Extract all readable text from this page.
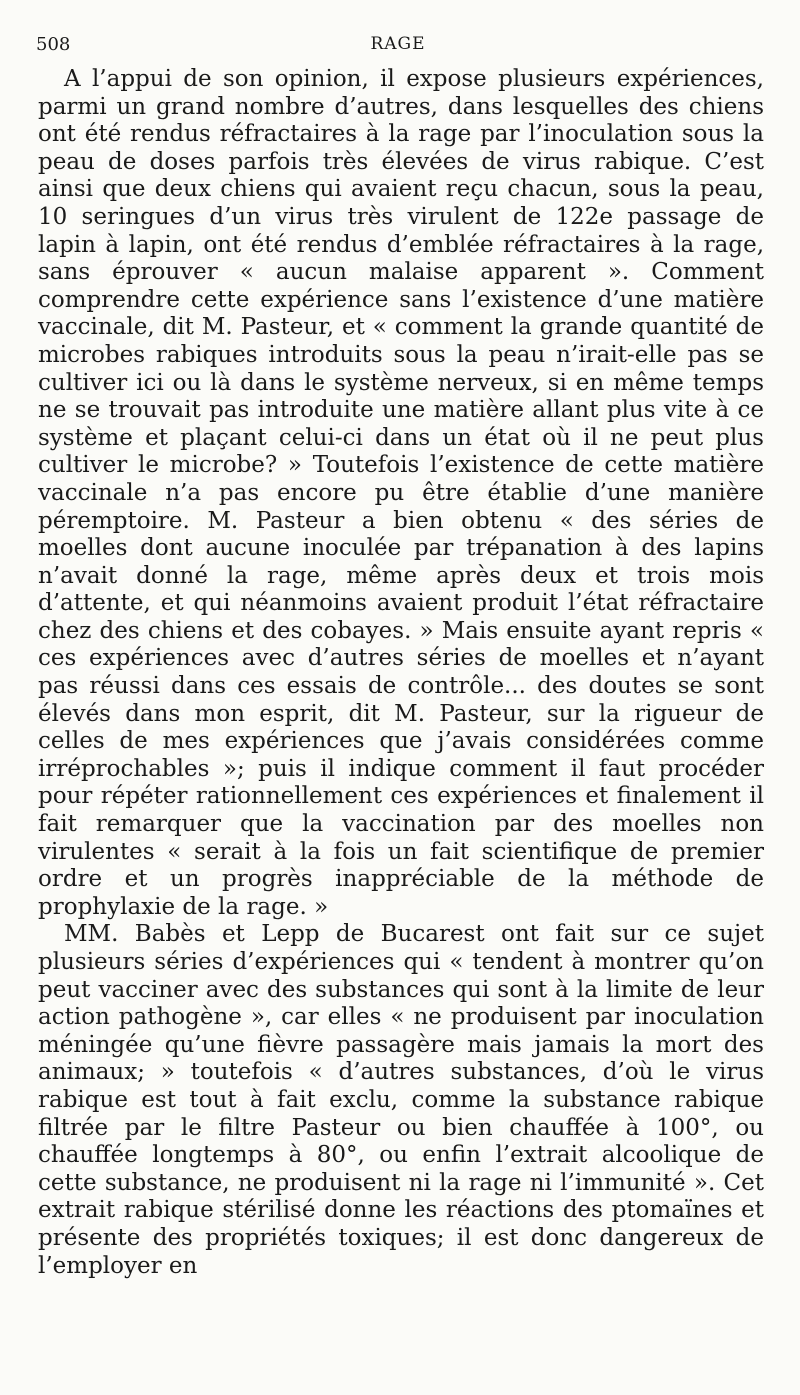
508	RAGE

A l’appui de son opinion, il expose plusieurs expériences, parmi un grand nombre d’autres, dans lesquelles des chiens ont été rendus réfractaires à la rage par l’inoculation sous la peau de doses parfois très élevées de virus rabique. C’est ainsi que deux chiens qui avaient reçu chacun, sous la peau, 10 seringues d’un virus très virulent de 122e passage de lapin à lapin, ont été rendus d’emblée réfractaires à la rage, sans éprouver « aucun malaise apparent ». Comment comprendre cette expérience sans l’existence d’une matière vaccinale, dit M. Pasteur, et « comment la grande quantité de microbes rabiques introduits sous la peau n’irait-elle pas se cultiver ici ou là dans le système nerveux, si en même temps ne se trouvait pas introduite une matière allant plus vite à ce système et plaçant celui-ci dans un état où il ne peut plus cultiver le microbe? » Toutefois l’existence de cette matière vaccinale n’a pas encore pu être établie d’une manière péremptoire. M. Pasteur a bien obtenu « des séries de moelles dont aucune inoculée par trépanation à des lapins n’avait donné la rage, même après deux et trois mois d’attente, et qui néanmoins avaient produit l’état réfractaire chez des chiens et des cobayes. » Mais ensuite ayant repris « ces expériences avec d’autres séries de moelles et n’ayant pas réussi dans ces essais de contrôle... des doutes se sont élevés dans mon esprit, dit M. Pasteur, sur la rigueur de celles de mes expériences que j’avais considérées comme irréprochables »; puis il indique comment il faut procéder pour répéter rationnellement ces expériences et finalement il fait remarquer que la vaccination par des moelles non virulentes « serait à la fois un fait scientifique de premier ordre et un progrès inappréciable de la méthode de prophylaxie de la rage. »

MM. Babès et Lepp de Bucarest ont fait sur ce sujet plusieurs séries d’expériences qui « tendent à montrer qu’on peut vacciner avec des substances qui sont à la limite de leur action pathogène », car elles « ne produisent par inoculation méningée qu’une fièvre passagère mais jamais la mort des animaux; » toutefois « d’autres substances, d’où le virus rabique est tout à fait exclu, comme la substance rabique filtrée par le filtre Pasteur ou bien chauffée à 100°, ou chauffée longtemps à 80°, ou enfin l’extrait alcoolique de cette substance, ne produisent ni la rage ni l’immunité ». Cet extrait rabique stérilisé donne les réactions des ptomaïnes et présente des propriétés toxiques; il est donc dangereux de l’employer en
